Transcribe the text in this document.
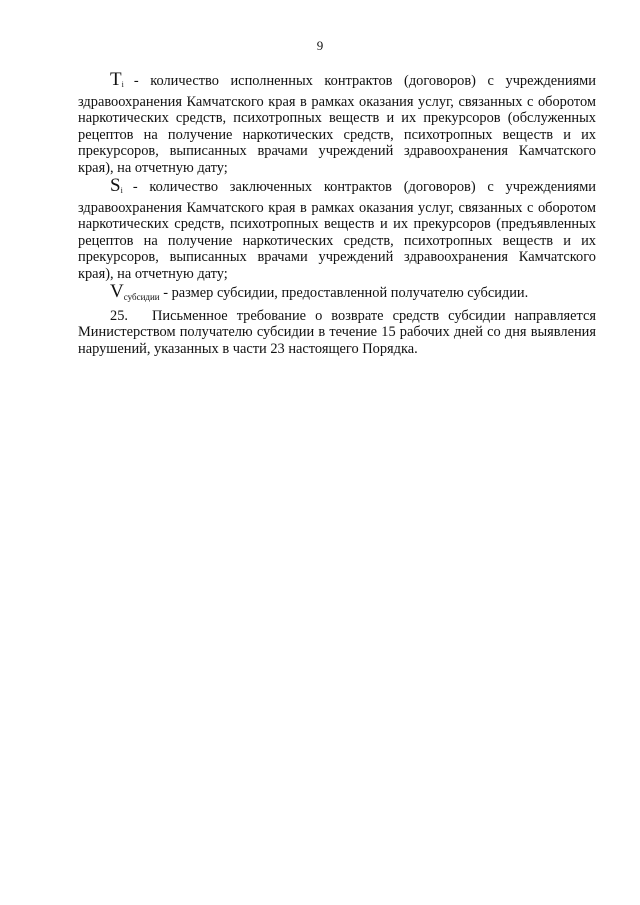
9

$T_i$ - количество исполненных контрактов (договоров) с учреждениями здравоохранения Камчатского края в рамках оказания услуг, связанных с оборотом наркотических средств, психотропных веществ и их прекурсоров (обслуженных рецептов на получение наркотических средств, психотропных веществ и их прекурсоров, выписанных врачами учреждений здравоохранения Камчатского края), на отчетную дату;

$S_i$ - количество заключенных контрактов (договоров) с учреждениями здравоохранения Камчатского края в рамках оказания услуг, связанных с оборотом наркотических средств, психотропных веществ и их прекурсоров (предъявленных рецептов на получение наркотических средств, психотропных веществ и их прекурсоров, выписанных врачами учреждений здравоохранения Камчатского края), на отчетную дату;

$V_{субсидии}$ - размер субсидии, предоставленной получателю субсидии.

25. Письменное требование о возврате средств субсидии направляется Министерством получателю субсидии в течение 15 рабочих дней со дня выявления нарушений, указанных в части 23 настоящего Порядка.
